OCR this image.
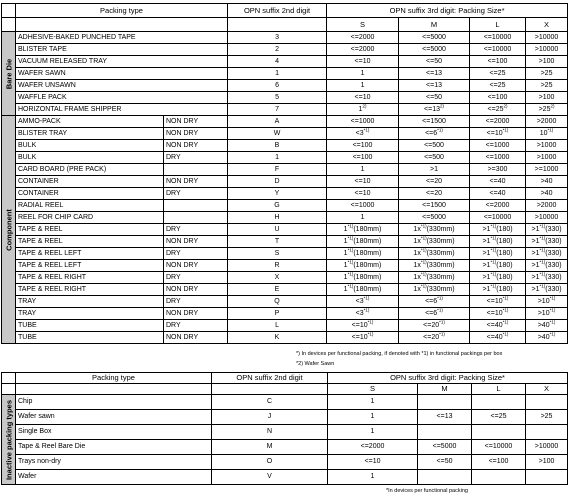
	Packing type		OPN suffix 2nd digit	OPN suffix 3rd digit: Packing Size*			
				S	M	L	X

Bare Die	ADHESIVE-BAKED PUNCHED TAPE		3	<=2000	<=5000	<=10000	>10000
	BLISTER TAPE		2	<=2000	<=5000	<=10000	>10000
	VACUUM RELEASED TRAY		4	<=10	<=50	<=100	>100
	WAFER SAWN		1	1	<=13	<=25	>25
	WAFER UNSAWN		6	1	<=13	<=25	>25
	WAFFLE PACK		5	<=10	<=50	<=100	>100
	HORIZONTAL FRAME SHIPPER		7	$1^{2)}$	$<=13^{2)}$	$<=25^{2)}$	$>25^{2)}$

Component	AMMO-PACK	NON DRY	A	<=1000	<=1500	<=2000	>2000
	BLISTER TRAY	NON DRY	W	$<3^{*1)}$	$<=6^{*1)}$	$<=10^{*1)}$	10$^{*1)}$
	BULK	NON DRY	B	<=100	<=500	<=1000	>1000
	BULK	DRY	1	<=100	<=500	<=1000	>1000
	CARD BOARD (PRE PACK)		F	1	>1	>=300	>=1000
	CONTAINER	NON DRY	D	<=10	<=20	<=40	>40
	CONTAINER	DRY	Y	<=10	<=20	<=40	>40
	RADIAL REEL		G	<=1000	<=1500	<=2000	>2000
	REEL FOR CHIP CARD		H	1	<=5000	<=10000	>10000
	TAPE & REEL	DRY	U	1$^{*1)}$(180mm)	$1x^{*1)}(330mm)$	$>1^{*1)}(180)$	$>1^{*1)}(330)$
	TAPE & REEL	NON DRY	T	1$^{*1)}$(180mm)	$1x^{*1)}(330mm)$	$>1^{*1)}(180)$	$>1^{*1)}(330)$
	TAPE & REEL LEFT	DRY	S	1$^{*1)}$(180mm)	$1x^{*1)}(330mm)$	$>1^{*1)}(180)$	$>1^{*1)}(330)$
	TAPE & REEL LEFT	NON DRY	R	1$^{*1)}$(180mm)	$1x^{*1)}(330mm)$	$>1^{*1)}(180)$	$>1^{*1)}(330)$
	TAPE & REEL RIGHT	DRY	X	1$^{*1)}$(180mm)	$1x^{*1)}(330mm)$	$>1^{*1)}(180)$	$>1^{*1)}(330)$
	TAPE & REEL RIGHT	NON DRY	E	1$^{*1)}$(180mm)	$1x^{*1)}(330mm)$	$>1^{*1)}(180)$	$>1^{*1)}(330)$
	TRAY	DRY	Q	$<3^{*1)}$	$<=6^{*1)}$	$<=10^{*1)}$	$>10^{*1)}$
	TRAY	NON DRY	P	$<3^{*1)}$	$<=6^{*1)}$	$<=10^{*1)}$	$>10^{*1)}$
	TUBE	DRY	L	$<=10^{*1)}$	$<=20^{*1)}$	$<=40^{*1)}$	$>40^{*1)}$
	TUBE	NON DRY	K	$<=10^{*1)}$	$<=20^{*1)}$	$<=40^{*1)}$	$>40^{*1)}$
*) In devices per functional packing, if denoted with *1) in functional packings per box
*2) Wafer Sawn
	Packing type	OPN suffix 2nd digit	OPN suffix 3rd digit: Packing Size*			
			S	M	L	X

Inactive packing types	Chip	C	1			
	Wafer sawn	J	1	<=13	<=25	>25
	Single Box	N	1			
	Tape & Reel Bare Die	M	<=2000	<=5000	<=10000	>10000
	Trays non-dry	O	<=10	<=50	<=100	>100
	Wafer	V	1			
*In devices per functional packing
